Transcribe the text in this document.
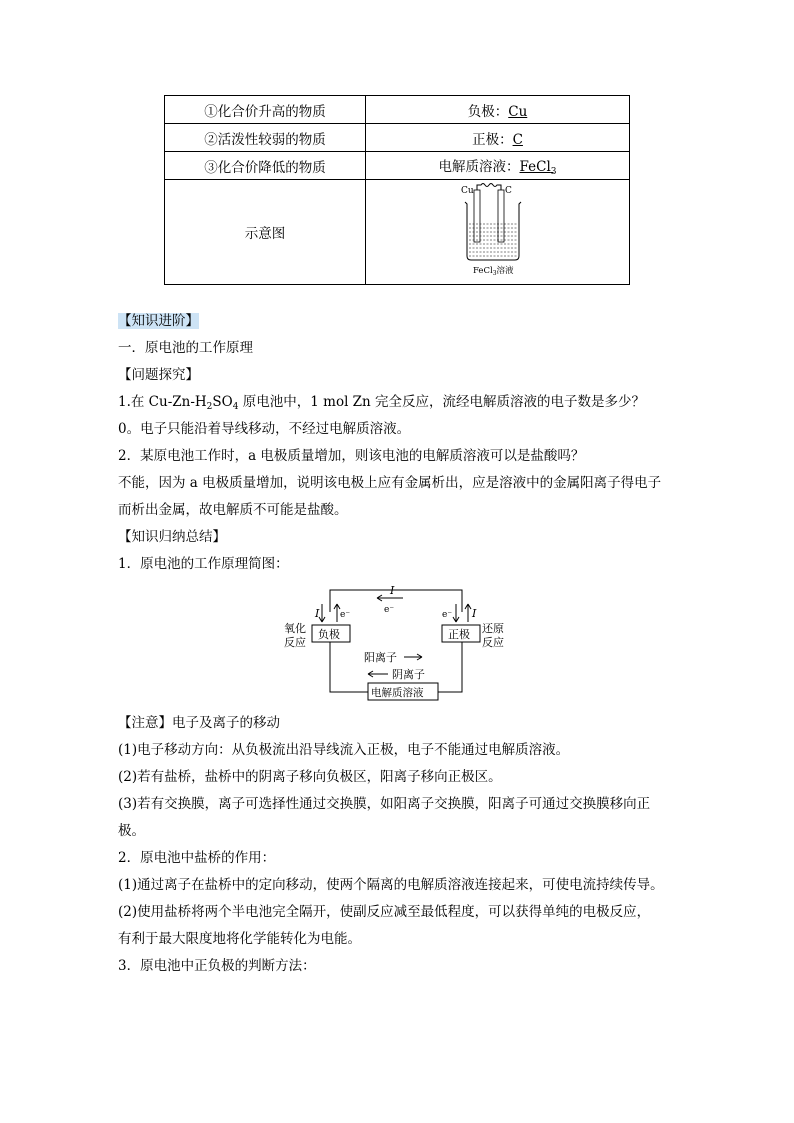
①化合价升高的物质	负极：Cu
②活泼性较弱的物质	正极：C
③化合价降低的物质	电解质溶液：FeCl$_3$
示意图	Cu C
FeCl$_3$溶液
【知识进阶】
一．原电池的工作原理
【问题探究】
1.在 $Cu-Zn-H_2SO_4$ 原电池中，1 mol Zn 完全反应，流经电解质溶液的电子数是多少？
0。电子只能沿着导线移动，不经过电解质溶液。
2．某原电池工作时，a 电极质量增加，则该电池的电解质溶液可以是盐酸吗？
不能，因为 a 电极质量增加，说明该电极上应有金属析出，应是溶液中的金属阳离子得电子
而析出金属，故电解质不可能是盐酸。
【知识归纳总结】
1．原电池的工作原理简图：
I
e⁻
I e⁻	e⁻ I
负极	正极
氧化
反应
还原
反应
阳离子
阴离子
电解质溶液
【注意】电子及离子的移动
(1)电子移动方向：从负极流出沿导线流入正极，电子不能通过电解质溶液。
(2)若有盐桥，盐桥中的阴离子移向负极区，阳离子移向正极区。
(3)若有交换膜，离子可选择性通过交换膜，如阳离子交换膜，阳离子可通过交换膜移向正
极。
2．原电池中盐桥的作用：
(1)通过离子在盐桥中的定向移动，使两个隔离的电解质溶液连接起来，可使电流持续传导。
(2)使用盐桥将两个半电池完全隔开，使副反应减至最低程度，可以获得单纯的电极反应，
有利于最大限度地将化学能转化为电能。
3．原电池中正负极的判断方法：
